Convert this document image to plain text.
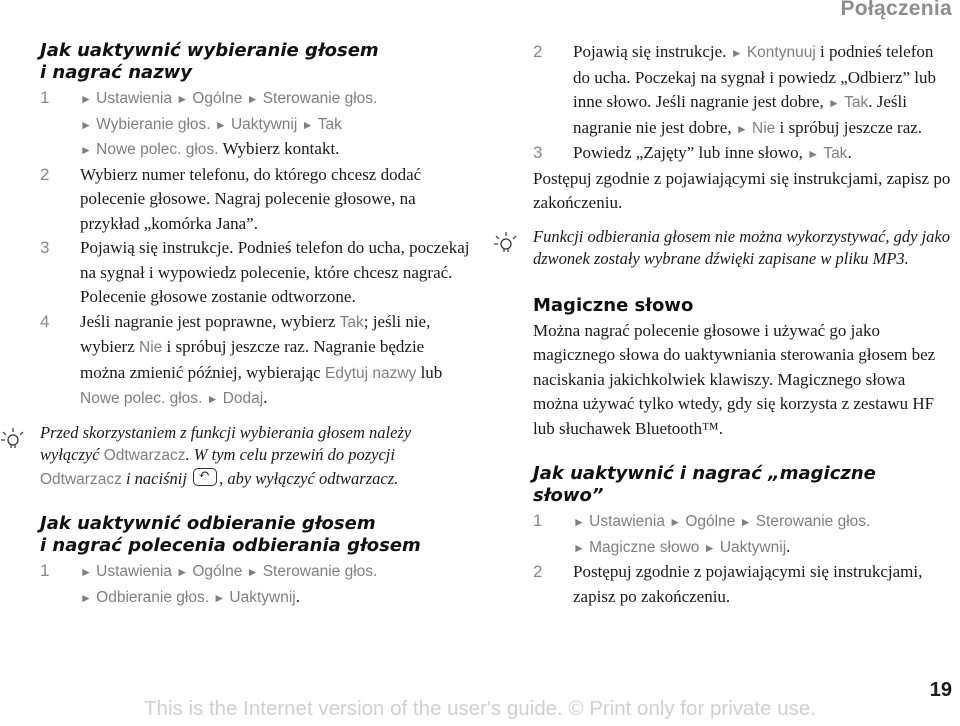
Połączenia
Jak uaktywnić wybieranie głosem
i nagrać nazwy
1	► Ustawienia ► Ogólne ► Sterowanie głos.
► Wybieranie głos. ► Uaktywnij ► Tak
► Nowe polec. głos. Wybierz kontakt.
2 Wybierz numer telefonu, do którego chcesz dodać polecenie głosowe. Nagraj polecenie głosowe, na przykład „komórka Jana”.
3 Pojawią się instrukcje. Podnieś telefon do ucha, poczekaj na sygnał i wypowiedz polecenie, które chcesz nagrać. Polecenie głosowe zostanie odtworzone.
4 Jeśli nagranie jest poprawne, wybierz Tak; jeśli nie, wybierz Nie i spróbuj jeszcze raz. Nagranie będzie można zmienić później, wybierając Edytuj nazwy lub Nowe polec. głos. ► Dodaj.
Przed skorzystaniem z funkcji wybierania głosem należy wyłączyć Odtwarzacz. W tym celu przewiń do pozycji Odtwarzacz i naciśnij ↶, aby wyłączyć odtwarzacz.
Jak uaktywnić odbieranie głosem
i nagrać polecenia odbierania głosem
1	► Ustawienia ► Ogólne ► Sterowanie głos.
► Odbieranie głos. ► Uaktywnij.
2 Pojawią się instrukcje. ► Kontynuuj i podnieś telefon do ucha. Poczekaj na sygnał i powiedz „Odbierz” lub inne słowo. Jeśli nagranie jest dobre, ► Tak. Jeśli nagranie nie jest dobre, ► Nie i spróbuj jeszcze raz.
3 Powiedz „Zajęty” lub inne słowo, ► Tak.
Postępuj zgodnie z pojawiającymi się instrukcjami, zapisz po zakończeniu.
Funkcji odbierania głosem nie można wykorzystywać, gdy jako dzwonek zostały wybrane dźwięki zapisane w pliku MP3.
Magiczne słowo
Można nagrać polecenie głosowe i używać go jako magicznego słowa do uaktywniania sterowania głosem bez naciskania jakichkolwiek klawiszy. Magicznego słowa można używać tylko wtedy, gdy się korzysta z zestawu HF lub słuchawek Bluetooth™.
Jak uaktywnić i nagrać „magiczne
słowo”
1	► Ustawienia ► Ogólne ► Sterowanie głos.
► Magiczne słowo ► Uaktywnij.
2 Postępuj zgodnie z pojawiającymi się instrukcjami, zapisz po zakończeniu.
19
This is the Internet version of the user's guide. © Print only for private use.
